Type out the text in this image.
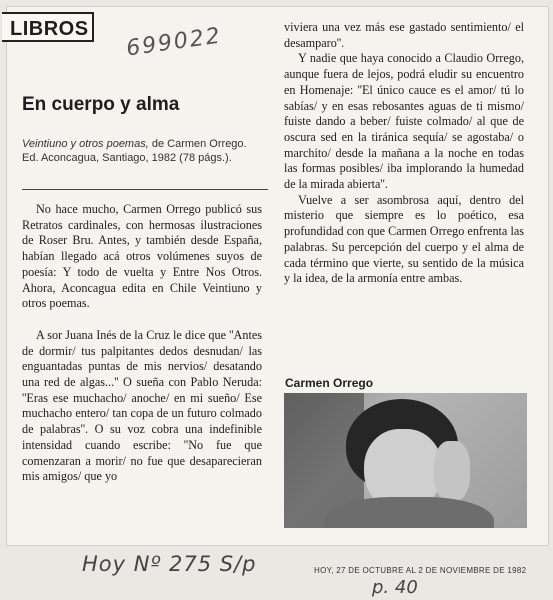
LIBROS 699022
En cuerpo y alma
Veintiuno y otros poemas, de Carmen Orrego. Ed. Aconcagua, Santiago, 1982 (78 págs.).

No hace mucho, Carmen Orrego publicó sus Retratos cardinales, con hermosas ilustraciones de Roser Bru. Antes, y también desde España, habían llegado acá otros volúmenes suyos de poesía: Y todo de vuelta y Entre Nos Otros. Ahora, Aconcagua edita en Chile Veintiuno y otros poemas.

A sor Juana Inés de la Cruz le dice que ''Antes de dormir/ tus palpitantes dedos desnudan/ las enguantadas puntas de mis nervios/ desatando una red de algas...'' O sueña con Pablo Neruda: ''Eras ese muchacho/ anoche/ en mi sueño/ Ese muchacho entero/ tan copa de un futuro colmado de palabras''. O su voz cobra una indefinible intensidad cuando escribe: ''No fue que comenzaran a morir/ no fue que desaparecieran mis amigos/ que yo

viviera una vez más ese gastado sentimiento/ el desamparo''.

Y nadie que haya conocido a Claudio Orrego, aunque fuera de lejos, podrá eludir su encuentro en Homenaje: ''El único cauce es el amor/ tú lo sabías/ y en esas rebosantes aguas de ti mismo/ fuiste dando a beber/ fuiste colmado/ al que de oscura sed en la tiránica sequía/ se agostaba/ o marchito/ desde la mañana a la noche en todas las formas posibles/ iba implorando la humedad de la mirada abierta''.

Vuelve a ser asombrosa aquí, dentro del misterio que siempre es lo poético, esa profundidad con que Carmen Orrego enfrenta las palabras. Su percepción del cuerpo y el alma de cada término que vierte, su sentido de la música y la idea, de la armonía entre ambas.

Carmen Orrego
Hoy Nº 275 S/p	HOY, 27 DE OCTUBRE AL 2 DE NOVIEMBRE DE 1982
p. 40
